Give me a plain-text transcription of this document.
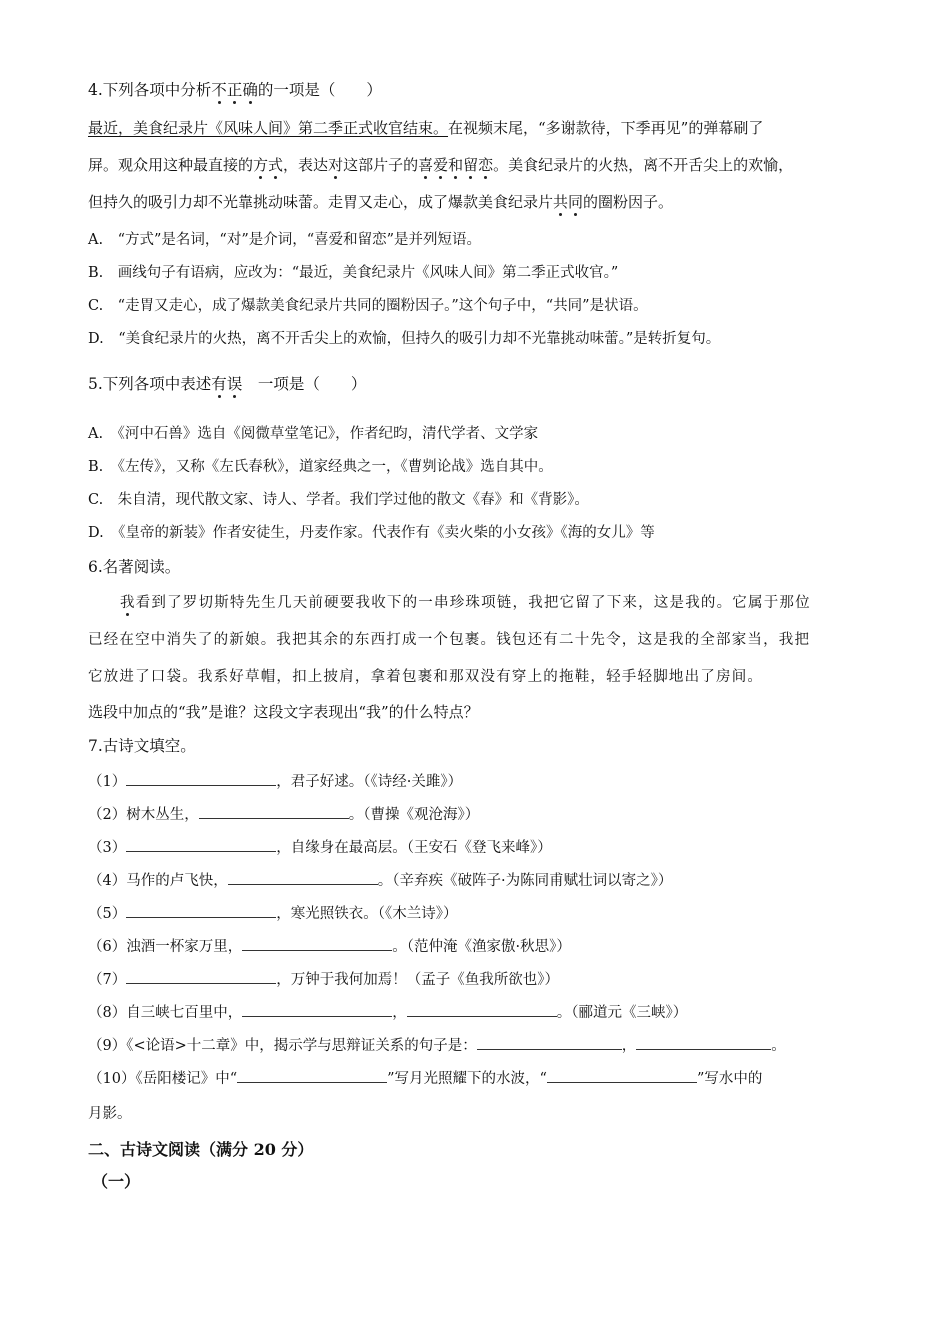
4.下列各项中分析不正确的一项是（　　）
最近，美食纪录片《风味人间》第二季正式收官结束。在视频末尾，“多谢款待，下季再见”的弹幕刷了
屏。观众用这种最直接的方式，表达对这部片子的喜爱和留恋。美食纪录片的火热，离不开舌尖上的欢愉，
但持久的吸引力却不光靠挑动味蕾。走胃又走心，成了爆款美食纪录片共同的圈粉因子。
A.　“方式”是名词，“对”是介词，“喜爱和留恋”是并列短语。
B.　画线句子有语病，应改为：“最近，美食纪录片《风味人间》第二季正式收官。”
C.　“走胃又走心，成了爆款美食纪录片共同的圈粉因子。”这个句子中，“共同”是状语。
D.　“美食纪录片的火热，离不开舌尖上的欢愉，但持久的吸引力却不光靠挑动味蕾。”是转折复句。
5.下列各项中表述有误　一项是（　　）
A.　《河中石兽》选自《阅微草堂笔记》，作者纪昀，清代学者、文学家
B.　《左传》，又称《左氏春秋》，道家经典之一，《曹刿论战》选自其中。
C.　朱自清，现代散文家、诗人、学者。我们学过他的散文《春》和《背影》。
D.　《皇帝的新装》作者安徒生，丹麦作家。代表作有《卖火柴的小女孩》《海的女儿》等
6.名著阅读。
我看到了罗切斯特先生几天前硬要我收下的一串珍珠项链，我把它留了下来，这是我的。它属于那位
已经在空中消失了的新娘。我把其余的东西打成一个包裹。钱包还有二十先令，这是我的全部家当，我把
它放进了口袋。我系好草帽，扣上披肩，拿着包裹和那双没有穿上的拖鞋，轻手轻脚地出了房间。
选段中加点的“我”是谁？这段文字表现出“我”的什么特点？
7.古诗文填空。
（1）	，君子好逑。（《诗经·关雎》）
（2）树木丛生，	。（曹操《观沧海》）
（3）	，自缘身在最高层。（王安石《登飞来峰》）
（4）马作的卢飞快，	。（辛弃疾《破阵子·为陈同甫赋壮词以寄之》）
（5）	，寒光照铁衣。（《木兰诗》）
（6）浊酒一杯家万里，	。（范仲淹《渔家傲·秋思》）
（7）	，万钟于我何加焉！（孟子《鱼我所欲也》）
（8）自三峡七百里中，	，	。（郦道元《三峡》）
（9）《<论语>十二章》中，揭示学与思辩证关系的句子是：	，	。
（10）《岳阳楼记》中“	”写月光照耀下的水波，“	”写水中的
月影。
二、古诗文阅读（满分 20 分）
（一）
